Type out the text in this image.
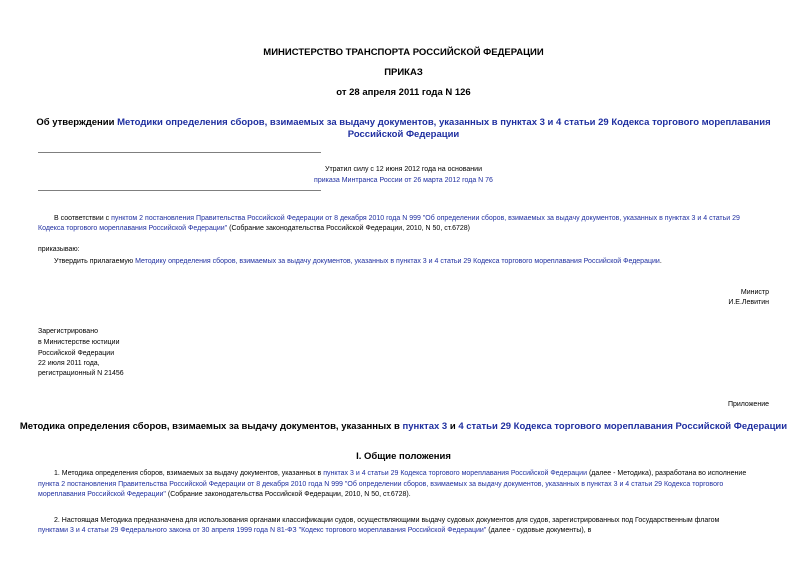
МИНИСТЕРСТВО ТРАНСПОРТА РОССИЙСКОЙ ФЕДЕРАЦИИ
ПРИКАЗ
от 28 апреля 2011 года N 126
Об утверждении Методики определения сборов, взимаемых за выдачу документов, указанных в пунктах 3 и 4 статьи 29 Кодекса торгового мореплавания
Российской Федерации
Утратил силу с 12 июня 2012 года на основании
приказа Минтранса России от 26 марта 2012 года N 76
В соответствии с пунктом 2 постановления Правительства Российской Федерации от 8 декабря 2010 года N 999 "Об определении сборов, взимаемых за выдачу документов, указанных в пунктах 3 и 4 статьи 29
Кодекса торгового мореплавания Российской Федерации" (Собрание законодательства Российской Федерации, 2010, N 50, ст.6728)
приказываю:
Утвердить прилагаемую Методику определения сборов, взимаемых за выдачу документов, указанных в пунктах 3 и 4 статьи 29 Кодекса торгового мореплавания Российской Федерации.
Министр
И.Е.Левитин
Зарегистрировано
в Министерстве юстиции
Российской Федерации
22 июля 2011 года,
регистрационный N 21456
Приложение
Методика определения сборов, взимаемых за выдачу документов, указанных в пунктах 3 и 4 статьи 29 Кодекса торгового мореплавания Российской Федерации
I. Общие положения
1. Методика определения сборов, взимаемых за выдачу документов, указанных в пунктах 3 и 4 статьи 29 Кодекса торгового мореплавания Российской Федерации (далее - Методика), разработана во исполнение
пункта 2 постановления Правительства Российской Федерации от 8 декабря 2010 года N 999 "Об определении сборов, взимаемых за выдачу документов, указанных в пунктах 3 и 4 статьи 29 Кодекса торгового
мореплавания Российской Федерации" (Собрание законодательства Российской Федерации, 2010, N 50, ст.6728).
2. Настоящая Методика предназначена для использования органами классификации судов, осуществляющими выдачу судовых документов для судов, зарегистрированных под Государственным флагом
пунктами 3 и 4 статьи 29 Федерального закона от 30 апреля 1999 года N 81-ФЗ "Кодекс торгового мореплавания Российской Федерации" (далее - судовые документы), в
